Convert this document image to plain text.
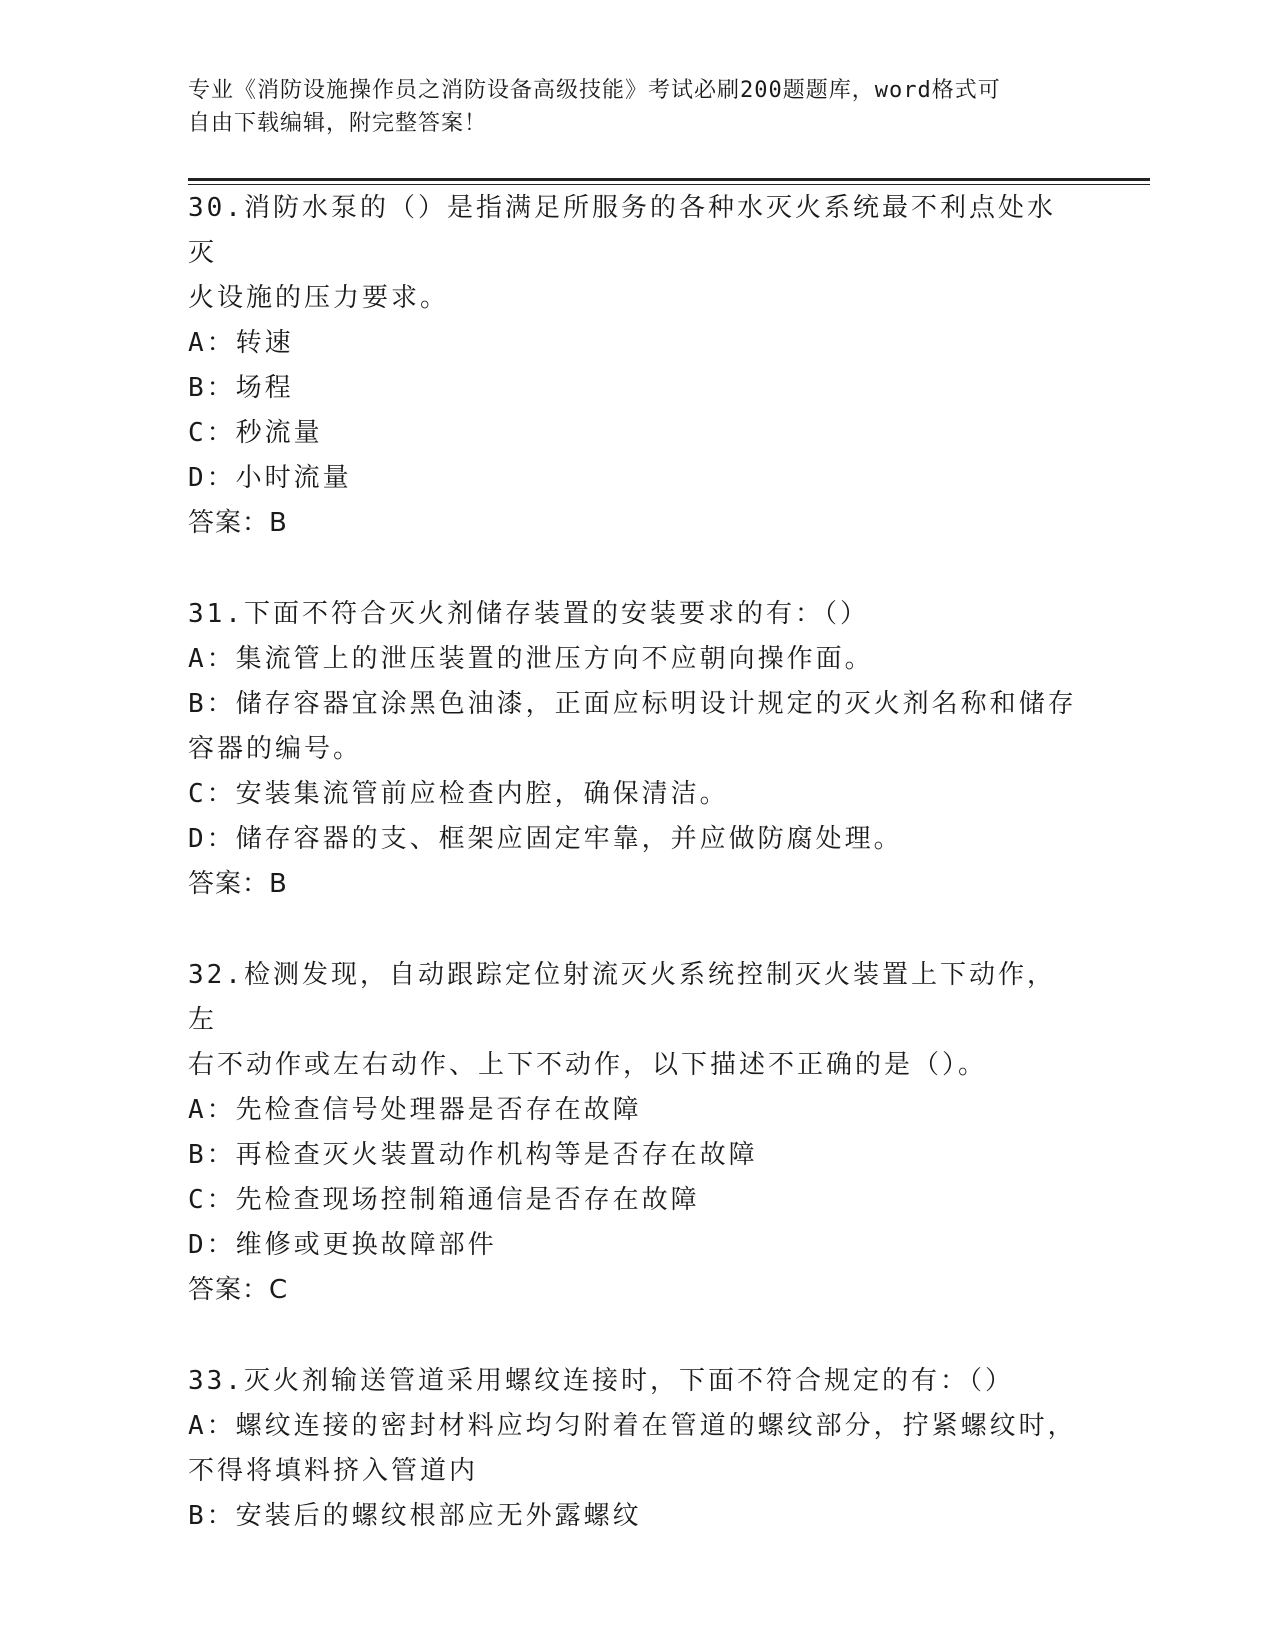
专业《消防设施操作员之消防设备高级技能》考试必刷200题题库，word格式可
自由下载编辑，附完整答案！

30.消防水泵的（）是指满足所服务的各种水灭火系统最不利点处水灭

火设施的压力要求。

A：转速

B：场程

C：秒流量

D：小时流量

答案：B

31.下面不符合灭火剂储存装置的安装要求的有：（）

A：集流管上的泄压装置的泄压方向不应朝向操作面。

B：储存容器宜涂黑色油漆，正面应标明设计规定的灭火剂名称和储存

容器的编号。

C：安装集流管前应检查内腔，确保清洁。

D：储存容器的支、框架应固定牢靠，并应做防腐处理。

答案：B

32.检测发现，自动跟踪定位射流灭火系统控制灭火装置上下动作，左

右不动作或左右动作、上下不动作，以下描述不正确的是（）。

A：先检查信号处理器是否存在故障

B：再检查灭火装置动作机构等是否存在故障

C：先检查现场控制箱通信是否存在故障

D：维修或更换故障部件

答案：C

33.灭火剂输送管道采用螺纹连接时，下面不符合规定的有：（）

A：螺纹连接的密封材料应均匀附着在管道的螺纹部分，拧紧螺纹时，

不得将填料挤入管道内

B：安装后的螺纹根部应无外露螺纹
